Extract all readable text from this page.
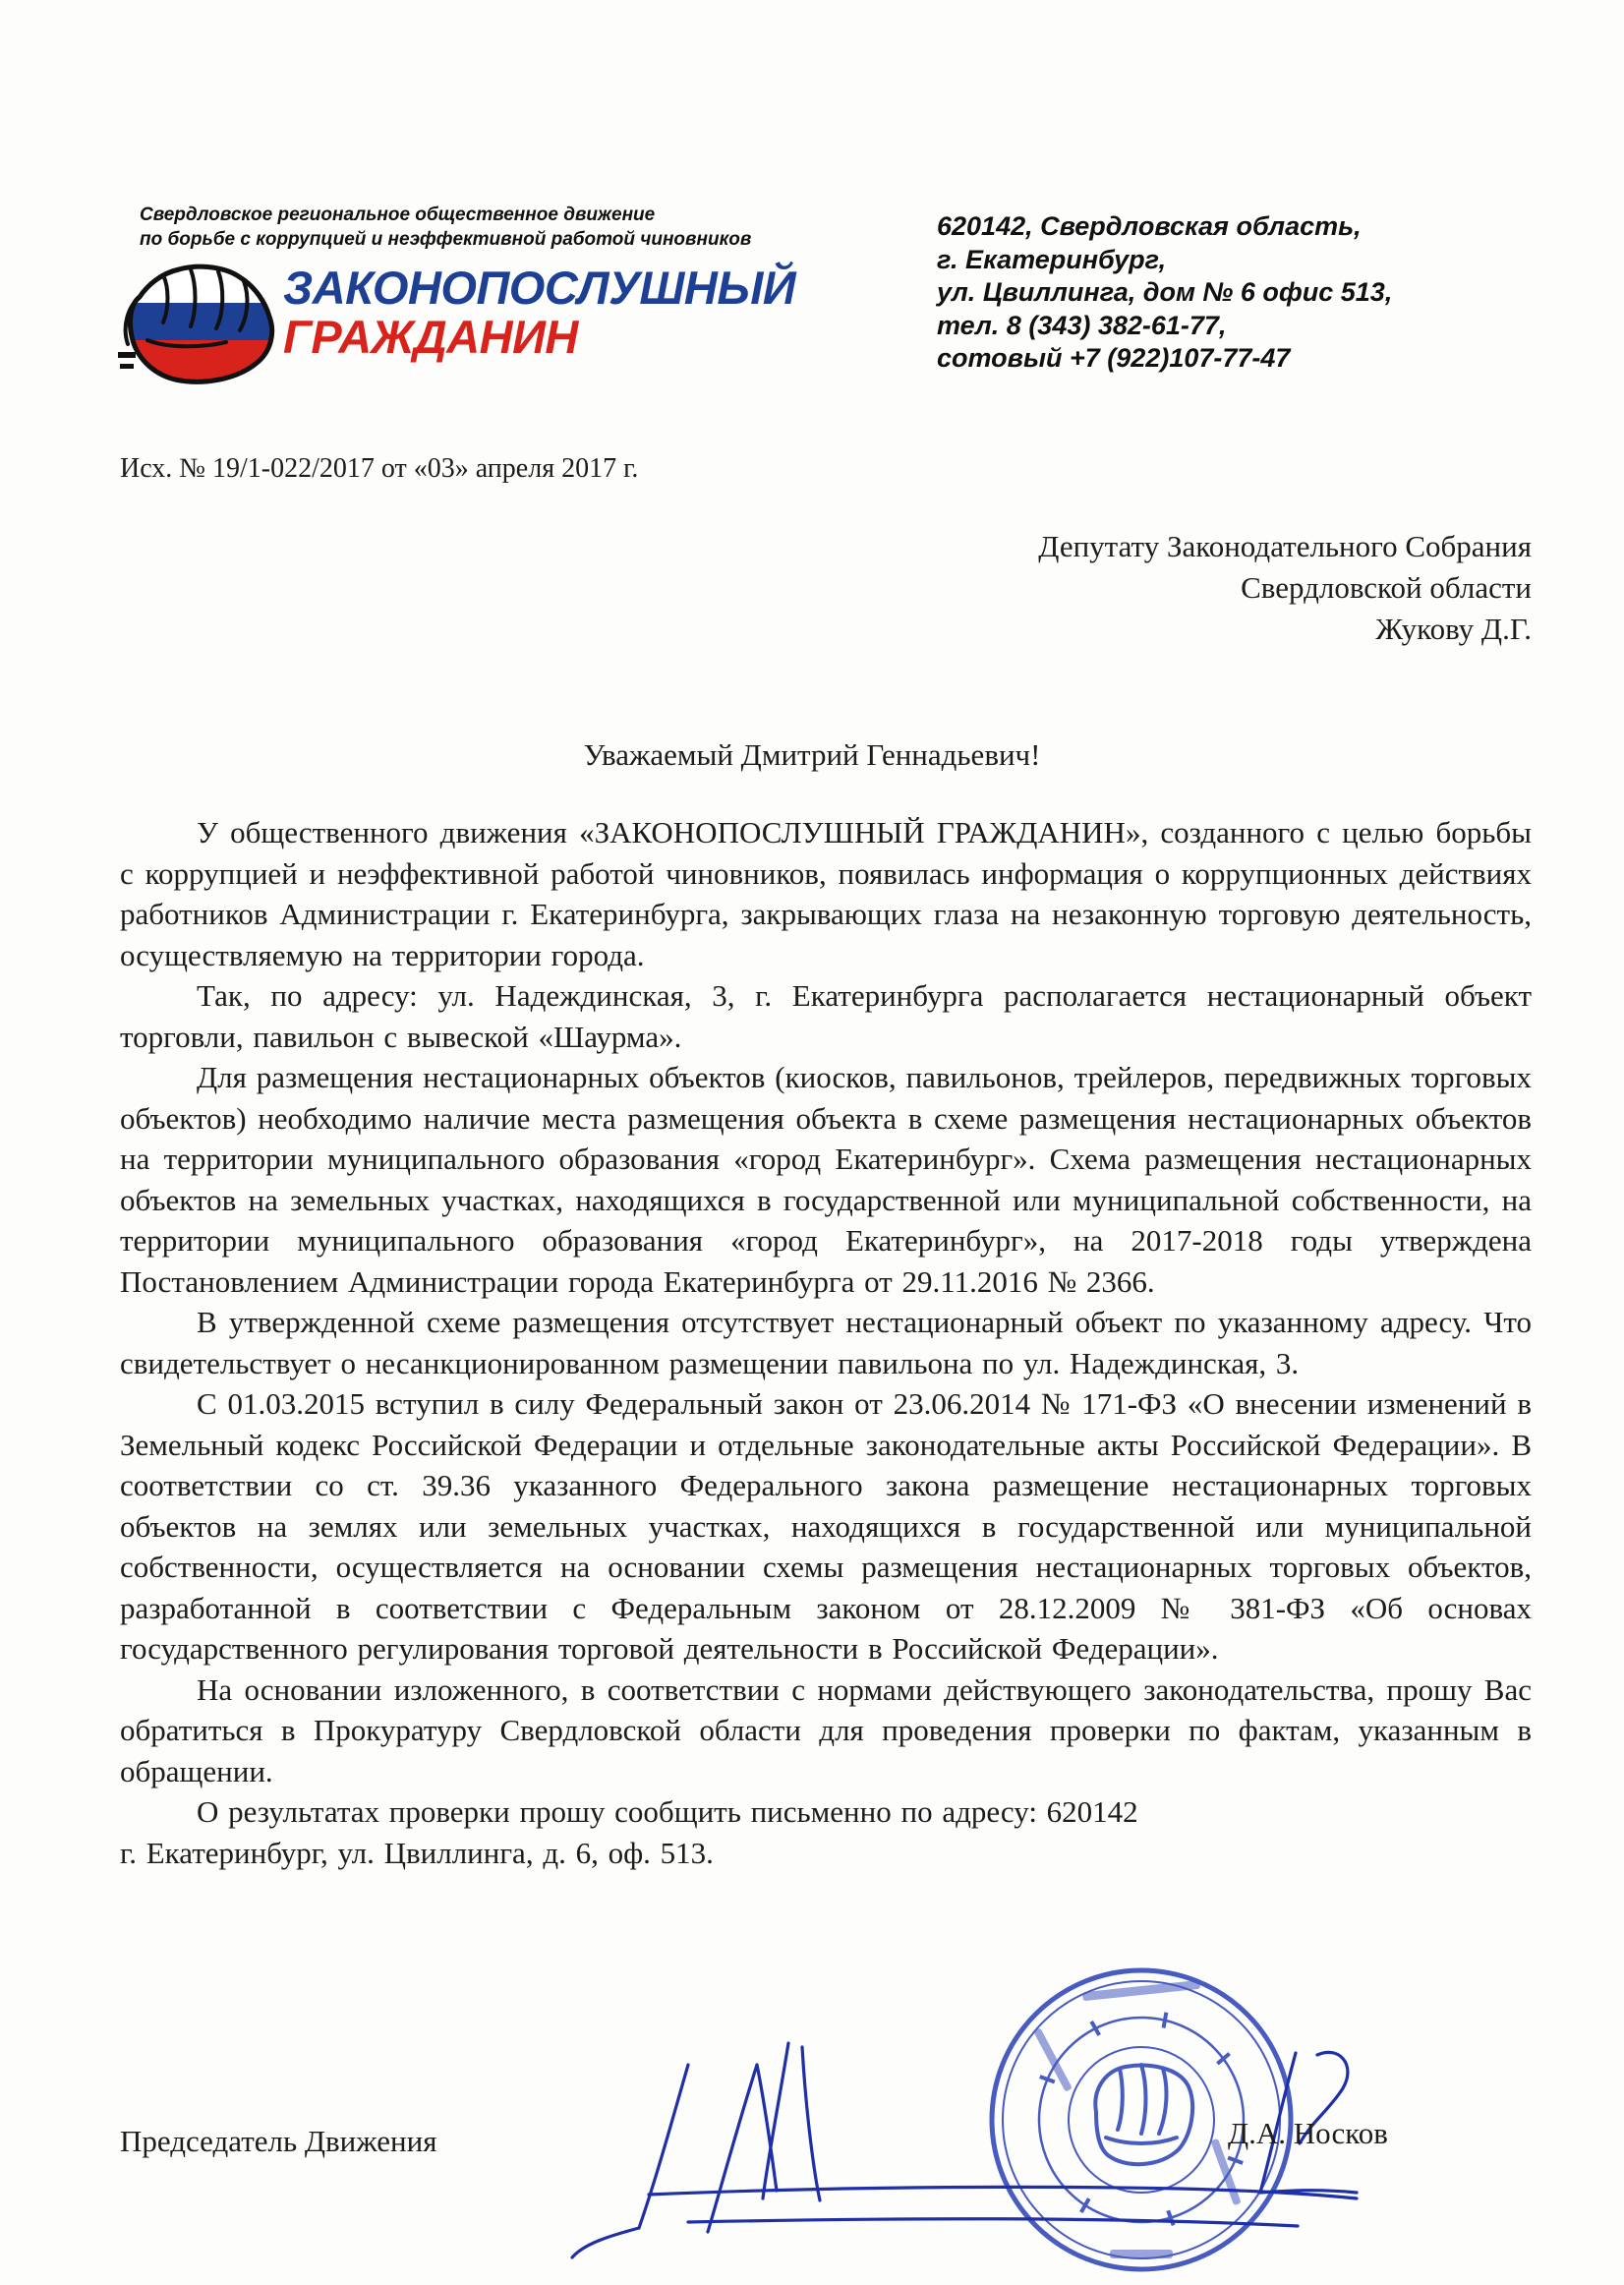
Свердловское региональное общественное движение
по борьбе с коррупцией и неэффективной работой чиновников
ЗАКОНОПОСЛУШНЫЙ
ГРАЖДАНИН
620142, Свердловская область,
г. Екатеринбург,
ул. Цвиллинга, дом № 6 офис 513,
тел. 8 (343) 382-61-77,
сотовый +7 (922)107-77-47
Исх. № 19/1-022/2017 от «03» апреля 2017 г.
Депутату Законодательного Собрания
Свердловской области
Жукову Д.Г.
Уважаемый Дмитрий Геннадьевич!

У общественного движения «ЗАКОНОПОСЛУШНЫЙ ГРАЖДАНИН», созданного с целью борьбы с коррупцией и неэффективной работой чиновников, появилась информация о коррупционных действиях работников Администрации г. Екатеринбурга, закрывающих глаза на незаконную торговую деятельность, осуществляемую на территории города.

Так, по адресу: ул. Надеждинская, 3, г. Екатеринбурга располагается нестационарный объект торговли, павильон с вывеской «Шаурма».

Для размещения нестационарных объектов (киосков, павильонов, трейлеров, передвижных торговых объектов) необходимо наличие места размещения объекта в схеме размещения нестационарных объектов на территории муниципального образования «город Екатеринбург». Схема размещения нестационарных объектов на земельных участках, находящихся в государственной или муниципальной собственности, на территории муниципального образования «город Екатеринбург», на 2017-2018 годы утверждена Постановлением Администрации города Екатеринбурга от 29.11.2016 № 2366.

В утвержденной схеме размещения отсутствует нестационарный объект по указанному адресу. Что свидетельствует о несанкционированном размещении павильона по ул. Надеждинская, 3.

С 01.03.2015 вступил в силу Федеральный закон от 23.06.2014 № 171-ФЗ «О внесении изменений в Земельный кодекс Российской Федерации и отдельные законодательные акты Российской Федерации». В соответствии со ст. 39.36 указанного Федерального закона размещение нестационарных торговых объектов на землях или земельных участках, находящихся в государственной или муниципальной собственности, осуществляется на основании схемы размещения нестационарных торговых объектов, разработанной в соответствии с Федеральным законом от 28.12.2009 № 381-ФЗ «Об основах государственного регулирования торговой деятельности в Российской Федерации».

На основании изложенного, в соответствии с нормами действующего законодательства, прошу Вас обратиться в Прокуратуру Свердловской области для проведения проверки по фактам, указанным в обращении.

О результатах проверки прошу сообщить письменно по адресу: 620142

г. Екатеринбург, ул. Цвиллинга, д. 6, оф. 513.

Председатель Движения	Д.А. Носков
